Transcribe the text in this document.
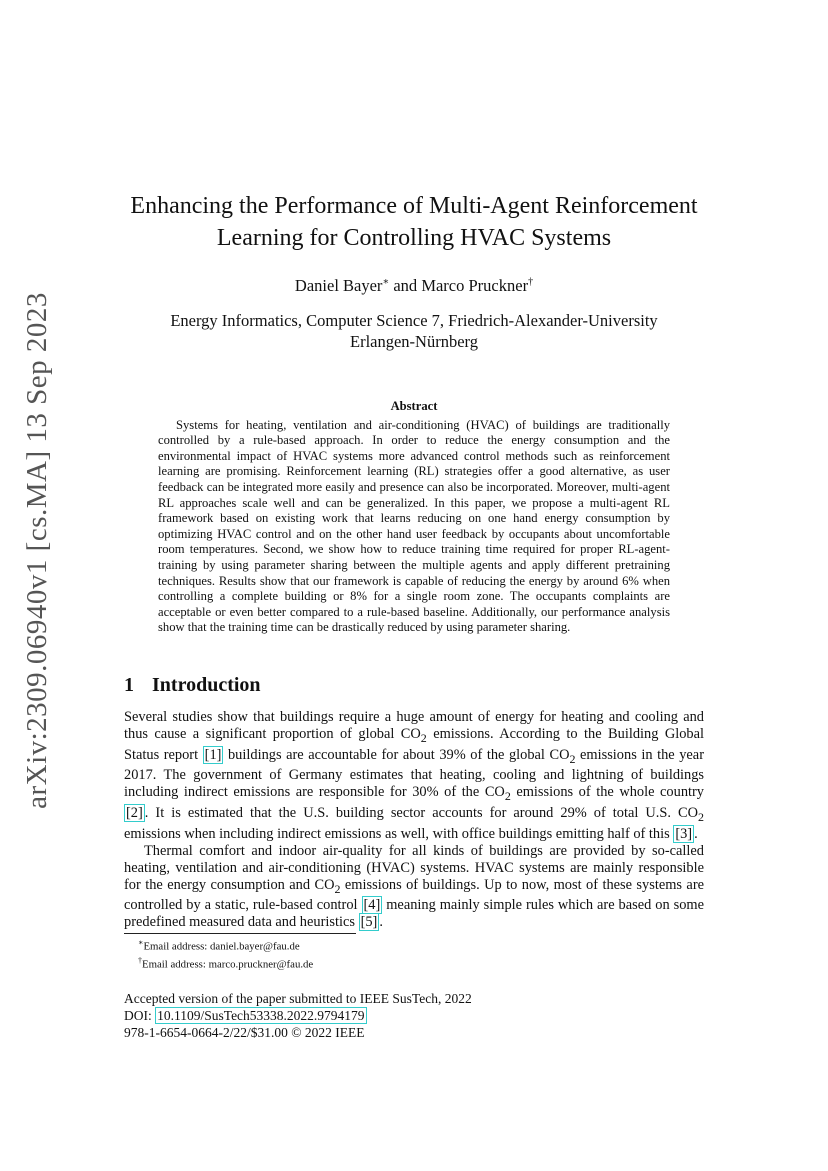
arXiv:2309.06940v1 [cs.MA] 13 Sep 2023
Enhancing the Performance of Multi-Agent Reinforcement
Learning for Controlling HVAC Systems
Daniel Bayer∗ and Marco Pruckner†
Energy Informatics, Computer Science 7, Friedrich-Alexander-University
Erlangen-Nürnberg
Abstract

Systems for heating, ventilation and air-conditioning (HVAC) of buildings are traditionally controlled by a rule-based approach. In order to reduce the energy consumption and the environmental impact of HVAC systems more advanced control methods such as reinforcement learning are promising. Reinforcement learning (RL) strategies offer a good alternative, as user feedback can be integrated more easily and presence can also be incorporated. Moreover, multi-agent RL approaches scale well and can be generalized. In this paper, we propose a multi-agent RL framework based on existing work that learns reducing on one hand energy consumption by optimizing HVAC control and on the other hand user feedback by occupants about uncomfortable room temperatures. Second, we show how to reduce training time required for proper RL-agent-training by using parameter sharing between the multiple agents and apply different pretraining techniques. Results show that our framework is capable of reducing the energy by around 6% when controlling a complete building or 8% for a single room zone. The occupants complaints are acceptable or even better compared to a rule-based baseline. Additionally, our performance analysis show that the training time can be drastically reduced by using parameter sharing.

1 Introduction

Several studies show that buildings require a huge amount of energy for heating and cooling and thus cause a significant proportion of global $CO_2$ emissions. According to the Building Global Status report [1] buildings are accountable for about 39% of the global $CO_2$ emissions in the year 2017. The government of Germany estimates that heating, cooling and lightning of buildings including indirect emissions are responsible for 30% of the $CO_2$ emissions of the whole country [2] . It is estimated that the U.S. building sector accounts for around 29% of total U.S. $CO_2$ emissions when including indirect emissions as well, with office buildings emitting half of this [3] .

Thermal comfort and indoor air-quality for all kinds of buildings are provided by so-called heating, ventilation and air-conditioning (HVAC) systems. HVAC systems are mainly responsible for the energy consumption and $CO_2$ emissions of buildings. Up to now, most of these systems are controlled by a static, rule-based control [4] meaning mainly simple rules which are based on some predefined measured data and heuristics [5] .

∗Email address: daniel.bayer@fau.de
†Email address: marco.pruckner@fau.de
Accepted version of the paper submitted to IEEE SusTech, 2022
DOI: 10.1109/SusTech53338.2022.9794179
978-1-6654-0664-2/22/$31.00 © 2022 IEEE
